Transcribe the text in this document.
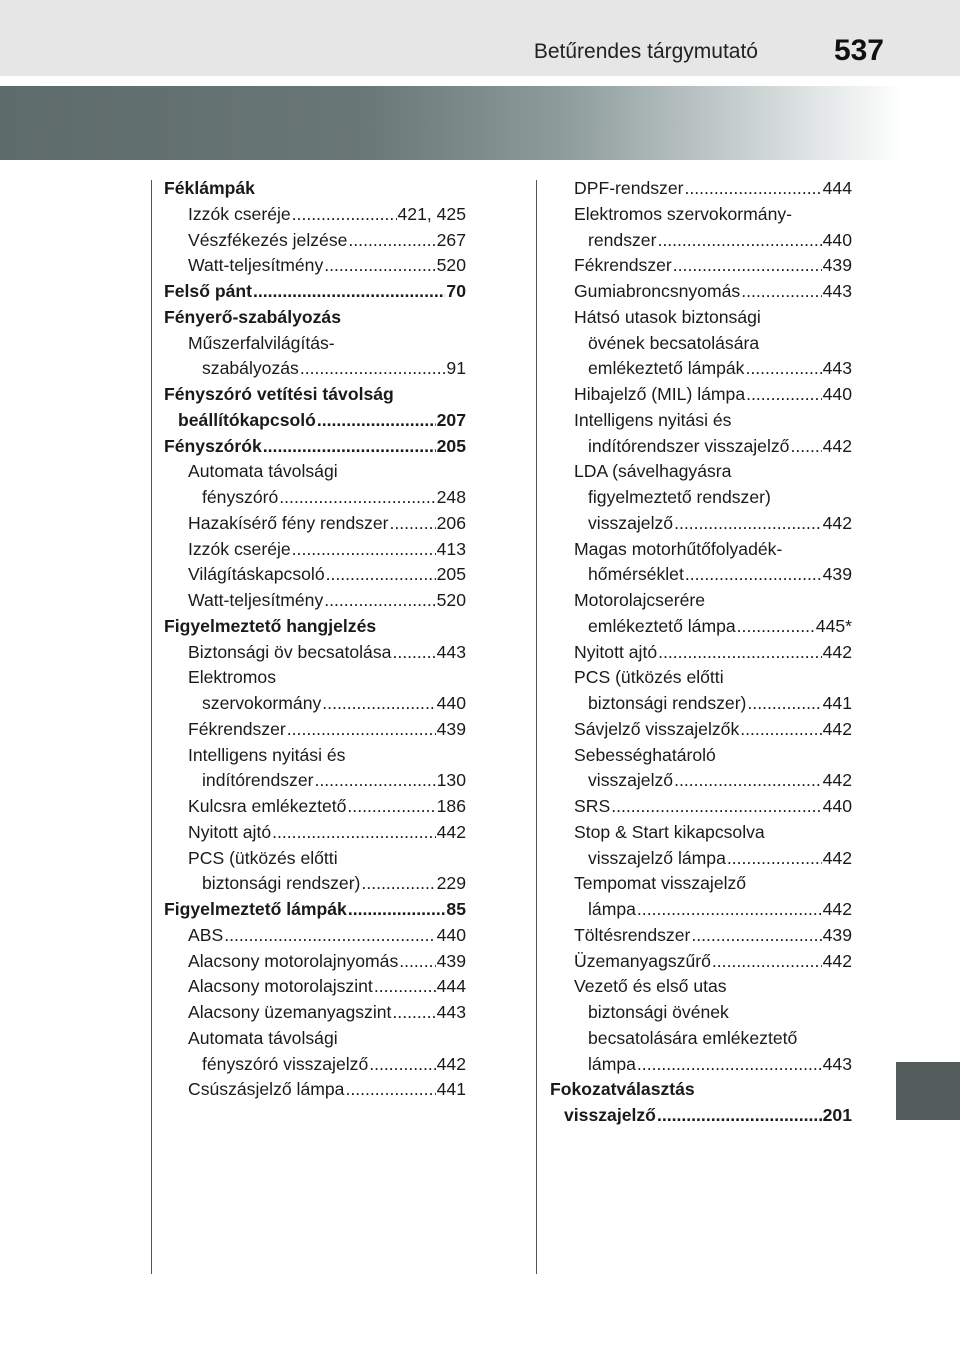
Betűrendes tárgymutató	537
Féklámpák
Izzók cseréje .....	421, 425
Vészfékezés jelzése .....	267
Watt-teljesítmény .....	520
Felső pánt .....	70
Fényerő-szabályozás
Műszerfalvilágítás-
szabályozás .....	91
Fényszóró vetítési távolság
beállítókapcsoló .....	207
Fényszórók .....	205
Automata távolsági
fényszóró .....	248
Hazakísérő fény rendszer .....	206
Izzók cseréje .....	413
Világításkapcsoló .....	205
Watt-teljesítmény .....	520
Figyelmeztető hangjelzés
Biztonsági öv becsatolása .....	443
Elektromos
szervokormány .....	440
Fékrendszer .....	439
Intelligens nyitási és
indítórendszer .....	130
Kulcsra emlékeztető .....	186
Nyitott ajtó .....	442
PCS (ütközés előtti
biztonsági rendszer) .....	229
Figyelmeztető lámpák .....	85
ABS .....	440
Alacsony motorolajnyomás ..... 439
Alacsony motorolajszint .....	444
Alacsony üzemanyagszint .....	443
Automata távolsági
fényszóró visszajelző .....	442
Csúszásjelző lámpa .....	441
DPF-rendszer .....	444
Elektromos szervokormány-
rendszer .....	440
Fékrendszer .....	439
Gumiabroncsnyomás .....	443
Hátsó utasok biztonsági
övének becsatolására
emlékeztető lámpák .....	443
Hibajelző (MIL) lámpa .....	440
Intelligens nyitási és
indítórendszer visszajelző ..... 442
LDA (sávelhagyásra
figyelmeztető rendszer)
visszajelző .....	442
Magas motorhűtőfolyadék-
hőmérséklet .....	439
Motorolajcserére
emlékeztető lámpa .....	445*
Nyitott ajtó .....	442
PCS (ütközés előtti
biztonsági rendszer) .....	441
Sávjelző visszajelzők .....	442
Sebességhatároló
visszajelző .....	442
SRS .....	440
Stop & Start kikapcsolva
visszajelző lámpa .....	442
Tempomat visszajelző
lámpa .....	442
Töltésrendszer .....	439
Üzemanyagszűrő .....	442
Vezető és első utas
biztonsági övének
becsatolására emlékeztető
lámpa .....	443
Fokozatválasztás
visszajelző .....	201
